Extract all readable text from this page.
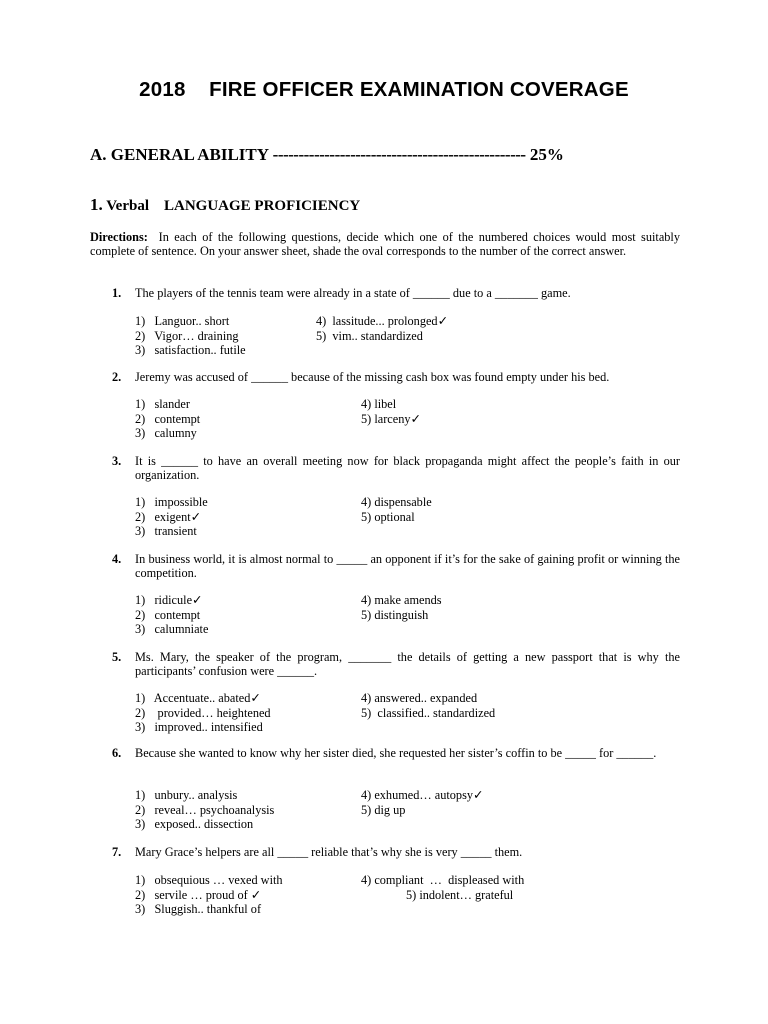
2018    FIRE OFFICER EXAMINATION COVERAGE
A. GENERAL ABILITY ------------------------------------------------- 25%
1. Verbal    LANGUAGE PROFICIENCY
Directions: In each of the following questions, decide which one of the numbered choices would most suitably complete of sentence. On your answer sheet, shade the oval corresponds to the number of the correct answer.
1. The players of the tennis team were already in a state of ______ due to a _______ game.
1)   Languor.. short
2)   Vigor… draining
3)   satisfaction.. futile
4)  lassitude... prolonged✓
5)  vim.. standardized
2. Jeremy was accused of ______ because of the missing cash box was found empty under his bed.
1)   slander
2)   contempt
3)   calumny
4) libel
5) larceny✓
3. It is ______ to have an overall meeting now for black propaganda might affect the people’s faith in our organization.
1)   impossible
2)   exigent✓
3)   transient
4) dispensable
5) optional
4. In business world, it is almost normal to _____ an opponent if it’s for the sake of gaining profit or winning the competition.
1)   ridicule✓
2)   contempt
3)   calumniate
4) make amends
5) distinguish
5. Ms. Mary, the speaker of the program, _______ the details of getting a new passport that is why the participants’ confusion were ______.
1)   Accentuate.. abated✓
2)    provided… heightened
3)   improved.. intensified
4) answered.. expanded
5)  classified.. standardized
6. Because she wanted to know why her sister died, she requested her sister’s coffin to be _____ for ______.
1)   unbury.. analysis
2)   reveal… psychoanalysis
3)   exposed.. dissection
4) exhumed… autopsy✓
5) dig up
7. Mary Grace’s helpers are all _____ reliable that’s why she is very _____ them.
1)   obsequious … vexed with
2)   servile … proud of ✓
3)   Sluggish.. thankful of
4) compliant  …  displeased with
5) indolent… grateful
